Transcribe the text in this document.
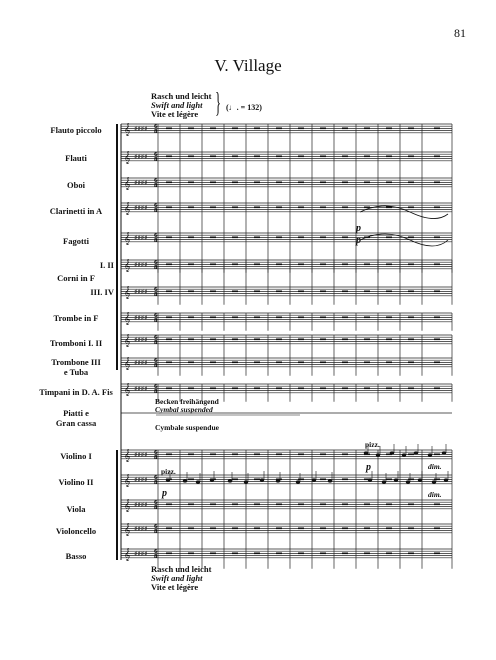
81
V. Village
Rasch und leicht
Swift and light
Vite et légère } (♩. = 132)
Flauto piccolo
Flauti
Oboi
Clarinetti in A
Fagotti
I. II
Corni in F
III. IV
Trombe in F
Tromboni I. II
Trombone III
e Tuba
Timpani in D. A. Fis
Piatti e
Gran cassa
Violino I
Violino II
Viola
Violoncello
Basso
Becken freihängend
Cymbal suspended
Cymbale suspendue
pizz.
p	dim.
pizz.
p	dim.
p
p
Rasch und leicht
Swift and light
Vite et légère
𝄞 ♯♯♯♯ 6
8
𝄞 ♯♯♯♯ 6
8
𝄞 ♯♯♯♯ 6
8
𝄞 ♯♯♯♯ 6
8
𝄞 ♯♯♯♯ 6
8
𝄞 ♯♯♯♯ 6
8
𝄞 ♯♯♯♯ 6
8
𝄞 ♯♯♯♯ 6
8
𝄞 ♯♯♯♯ 6
8
𝄞 ♯♯♯♯ 6
8
𝄞 ♯♯♯♯ 6
8
𝄞 ♯♯♯♯ 6
8
𝄞 ♯♯♯♯ 6
8
𝄞 ♯♯♯♯ 6
8
𝄞 ♯♯♯♯ 6
8
𝄞 ♯♯♯♯ 6
8
